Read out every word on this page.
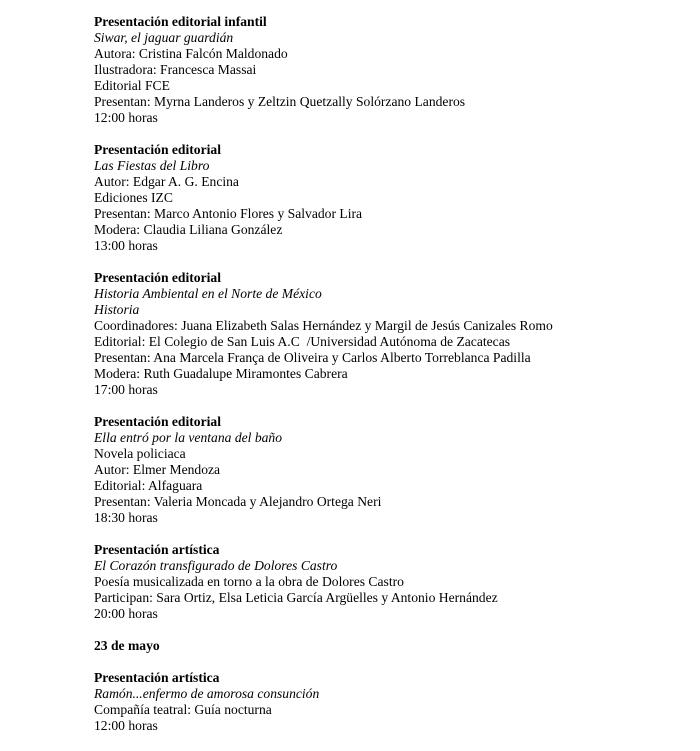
Presentación editorial infantil
Siwar, el jaguar guardián
Autora: Cristina Falcón Maldonado
Ilustradora: Francesca Massai
Editorial FCE
Presentan: Myrna Landeros y Zeltzin Quetzally Solórzano Landeros
12:00 horas
Presentación editorial
Las Fiestas del Libro
Autor: Edgar A. G. Encina
Ediciones IZC
Presentan: Marco Antonio Flores y Salvador Lira
Modera: Claudia Liliana González
13:00 horas
Presentación editorial
Historia Ambiental en el Norte de México
Historia
Coordinadores: Juana Elizabeth Salas Hernández y Margil de Jesús Canizales Romo
Editorial: El Colegio de San Luis A.C  /Universidad Autónoma de Zacatecas
Presentan: Ana Marcela França de Oliveira y Carlos Alberto Torreblanca Padilla
Modera: Ruth Guadalupe Miramontes Cabrera
17:00 horas
Presentación editorial
Ella entró por la ventana del baño
Novela policiaca
Autor: Elmer Mendoza
Editorial: Alfaguara
Presentan: Valeria Moncada y Alejandro Ortega Neri
18:30 horas
Presentación artística
El Corazón transfigurado de Dolores Castro
Poesía musicalizada en torno a la obra de Dolores Castro
Participan: Sara Ortiz, Elsa Leticia García Argüelles y Antonio Hernández
20:00 horas
23 de mayo
Presentación artística
Ramón...enfermo de amorosa consunción
Compañía teatral: Guía nocturna
12:00 horas
